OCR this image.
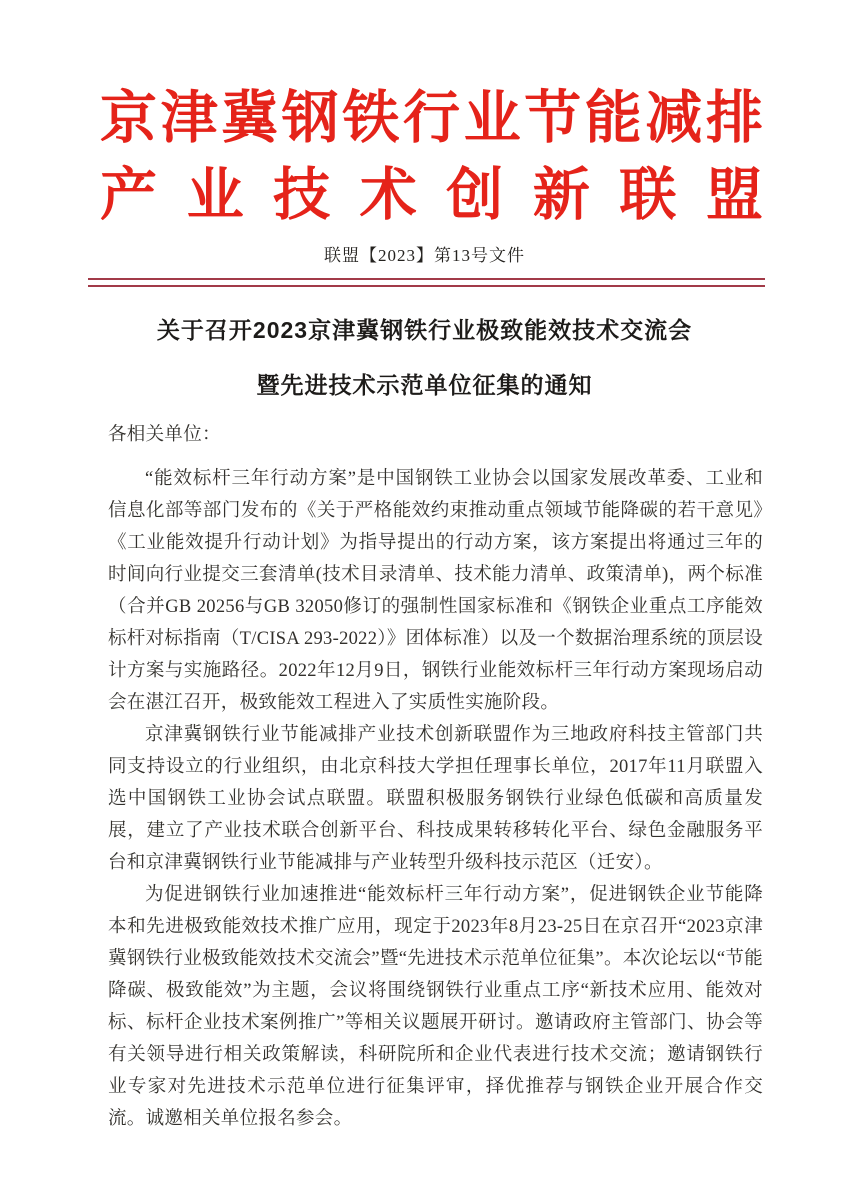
京津冀钢铁行业节能减排
产业技术创新联盟
联盟【2023】第13号文件
关于召开2023京津冀钢铁行业极致能效技术交流会
暨先进技术示范单位征集的通知

各相关单位：

“能效标杆三年行动方案”是中国钢铁工业协会以国家发展改革委、工业和信息化部等部门发布的《关于严格能效约束推动重点领域节能降碳的若干意见》《工业能效提升行动计划》为指导提出的行动方案，该方案提出将通过三年的时间向行业提交三套清单(技术目录清单、技术能力清单、政策清单)，两个标准（合并GB 20256与GB 32050修订的强制性国家标准和《钢铁企业重点工序能效标杆对标指南（T/CISA 293-2022）》团体标准）以及一个数据治理系统的顶层设计方案与实施路径。2022年12月9日，钢铁行业能效标杆三年行动方案现场启动会在湛江召开，极致能效工程进入了实质性实施阶段。

京津冀钢铁行业节能减排产业技术创新联盟作为三地政府科技主管部门共同支持设立的行业组织，由北京科技大学担任理事长单位，2017年11月联盟入选中国钢铁工业协会试点联盟。联盟积极服务钢铁行业绿色低碳和高质量发展，建立了产业技术联合创新平台、科技成果转移转化平台、绿色金融服务平台和京津冀钢铁行业节能减排与产业转型升级科技示范区（迁安）。

为促进钢铁行业加速推进“能效标杆三年行动方案”，促进钢铁企业节能降本和先进极致能效技术推广应用，现定于2023年8月23-25日在京召开“2023京津冀钢铁行业极致能效技术交流会”暨“先进技术示范单位征集”。本次论坛以“节能降碳、极致能效”为主题，会议将围绕钢铁行业重点工序“新技术应用、能效对标、标杆企业技术案例推广”等相关议题展开研讨。邀请政府主管部门、协会等有关领导进行相关政策解读，科研院所和企业代表进行技术交流；邀请钢铁行业专家对先进技术示范单位进行征集评审，择优推荐与钢铁企业开展合作交流。诚邀相关单位报名参会。
